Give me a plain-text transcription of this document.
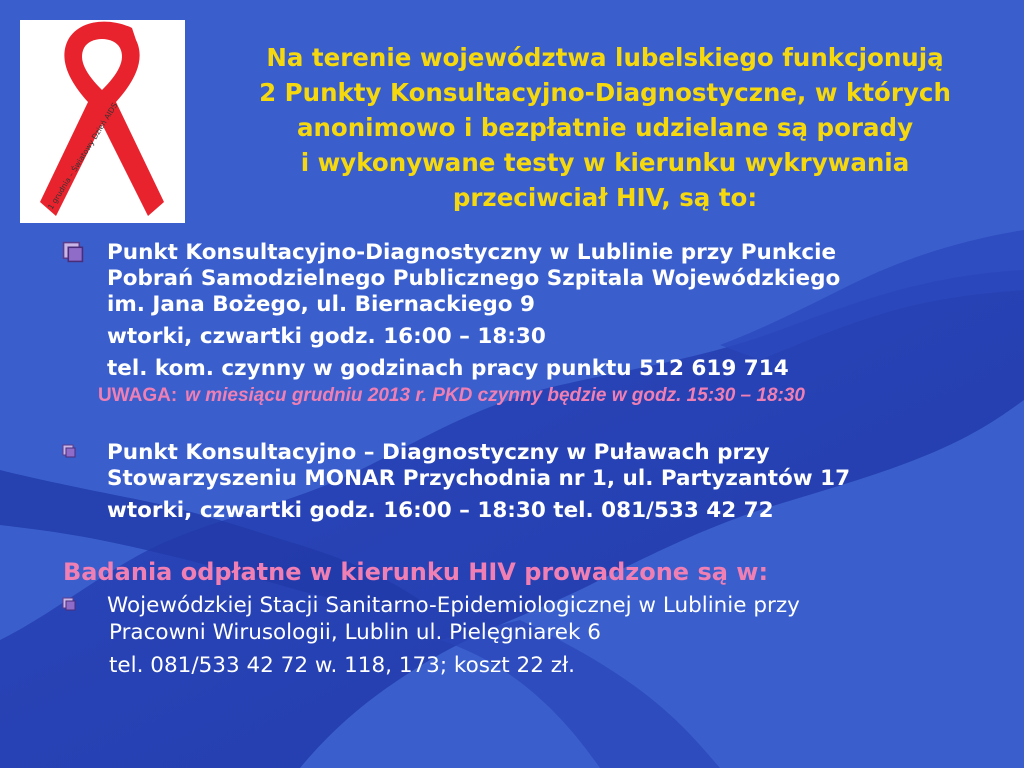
1 grudnia – Światowy Dzień AIDS
Na terenie województwa lubelskiego funkcjonują
2 Punkty Konsultacyjno-Diagnostyczne, w których
anonimowo i bezpłatnie udzielane są porady
i wykonywane testy w kierunku wykrywania
przeciwciał HIV, są to:
Punkt Konsultacyjno-Diagnostyczny w Lublinie przy Punkcie
Pobrań Samodzielnego Publicznego Szpitala Wojewódzkiego
im. Jana Bożego, ul. Biernackiego 9
wtorki, czwartki godz. 16:00 – 18:30
tel. kom. czynny w godzinach pracy punktu 512 619 714
UWAGA: w miesiącu grudniu 2013 r. PKD czynny będzie w godz. 15:30 – 18:30
Punkt Konsultacyjno – Diagnostyczny w Puławach przy
Stowarzyszeniu MONAR Przychodnia nr 1, ul. Partyzantów 17
wtorki, czwartki godz. 16:00 – 18:30 tel. 081/533 42 72
Badania odpłatne w kierunku HIV prowadzone są w:
Wojewódzkiej Stacji Sanitarno-Epidemiologicznej w Lublinie przy
Pracowni Wirusologii, Lublin ul. Pielęgniarek 6
tel. 081/533 42 72 w. 118, 173; koszt 22 zł.
